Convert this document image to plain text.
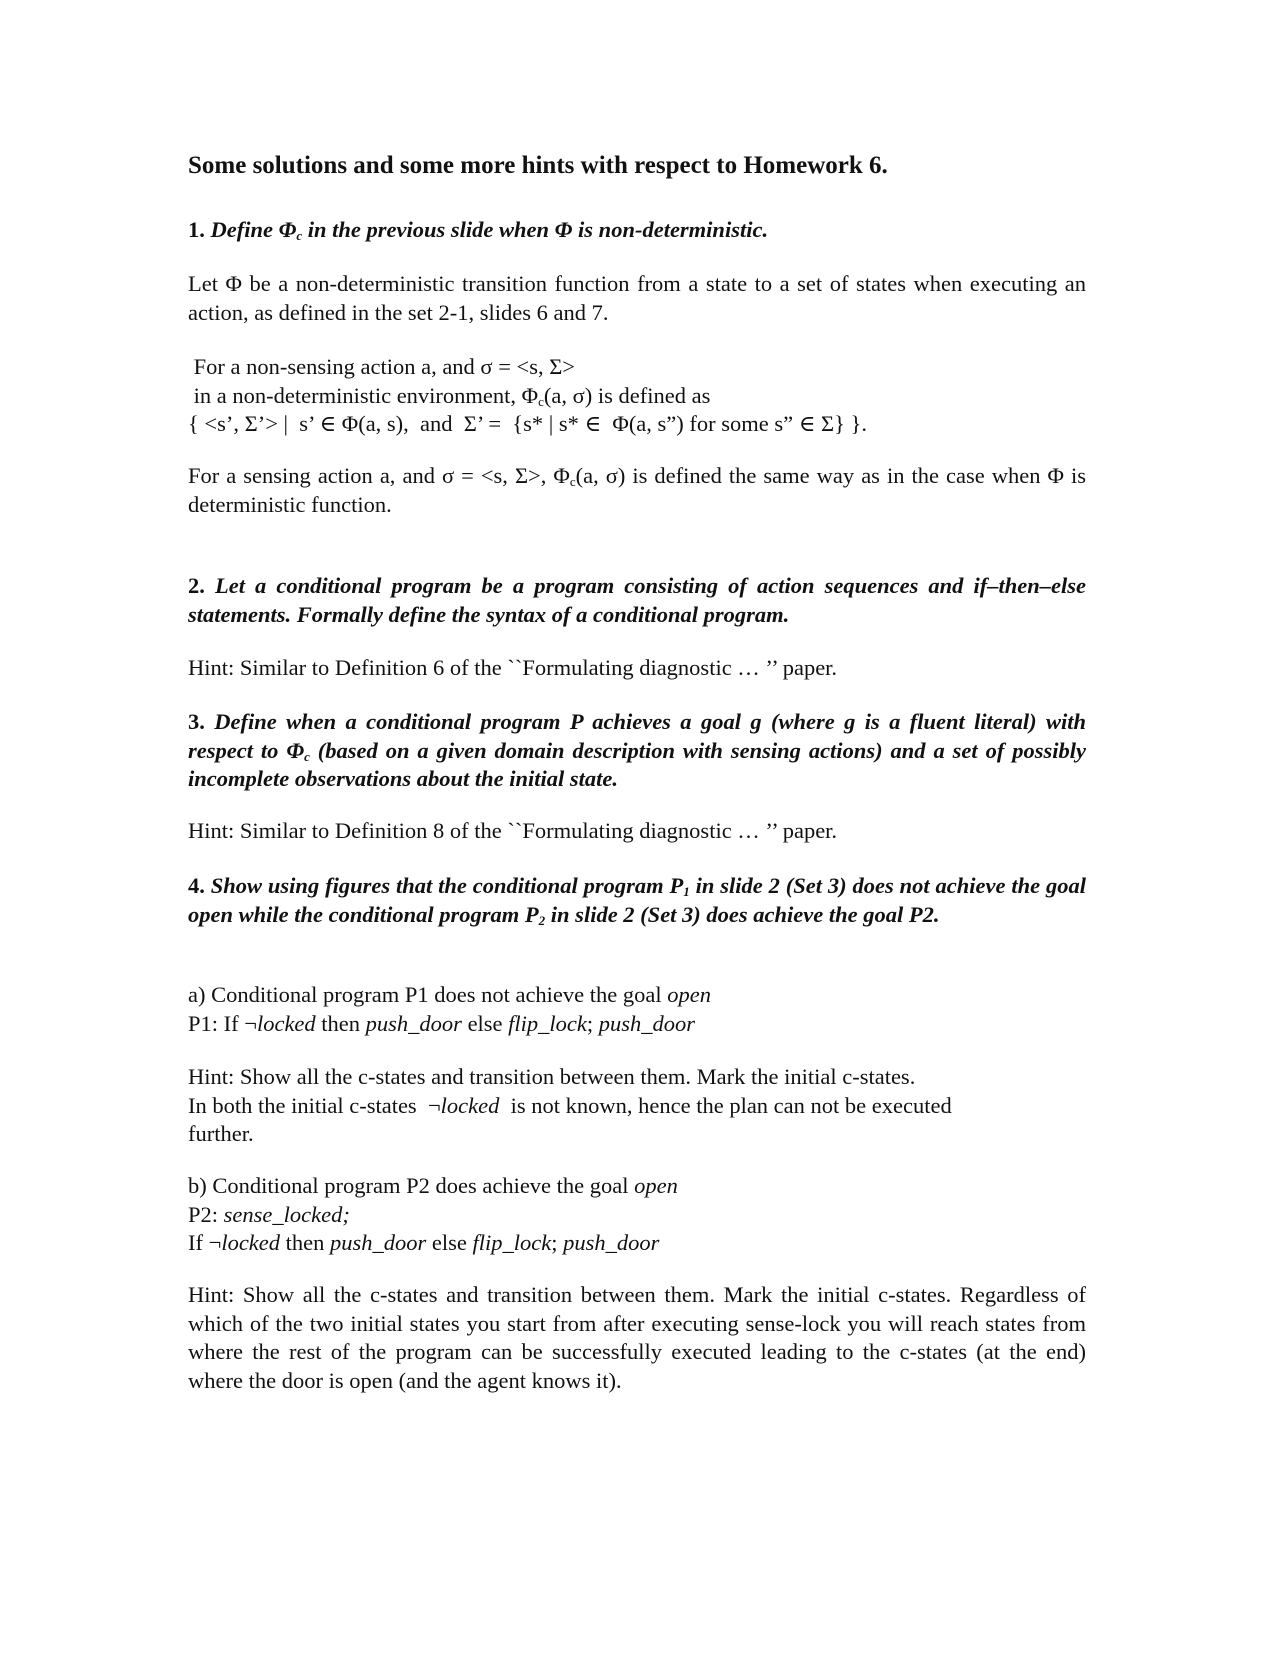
Some solutions and some more hints with respect to Homework 6.
1. Define $\Phi_c$ in the previous slide when Φ is non-deterministic.
Let Φ be a non-deterministic transition function from a state to a set of states when executing an action, as defined in the set 2-1, slides 6 and 7.
For a non-sensing action a, and σ = <s, Σ>
in a non-deterministic environment, $\Phi_c(a$, σ) is defined as
{ <s’, Σ’> |  s’ ∈ Φ(a, s),  and  Σ’ =  {s* | s* ∈  Φ(a, s”) for some s” ∈ Σ} }.
For a sensing action a, and σ = <s, Σ>, $\Phi_c(a$, σ) is defined the same way as in the case when Φ is deterministic function.
2. Let a conditional program be a program consisting of action sequences and if–then–else statements. Formally define the syntax of a conditional program.
Hint: Similar to Definition 6 of the ``Formulating diagnostic … ’’ paper.
3. Define when a conditional program P achieves a goal g (where g is a fluent literal) with respect to $\Phi_c$ (based on a given domain description with sensing actions) and a set of possibly incomplete observations about the initial state.
Hint: Similar to Definition 8 of the ``Formulating diagnostic … ’’ paper.
4. Show using figures that the conditional program $P_1$ in slide 2 (Set 3) does not achieve the goal open while the conditional program $P_2$ in slide 2 (Set 3) does achieve the goal P2.
a) Conditional program P1 does not achieve the goal open
P1: If ¬locked then push_door else flip_lock; push_door
Hint: Show all the c-states and transition between them. Mark the initial c-states.
In both the initial c-states  ¬locked  is not known, hence the plan can not be executed
further.
b) Conditional program P2 does achieve the goal open
P2: sense_locked;
If ¬locked then push_door else flip_lock; push_door
Hint: Show all the c-states and transition between them. Mark the initial c-states. Regardless of which of the two initial states you start from after executing sense-lock you will reach states from where the rest of the program can be successfully executed leading to the c-states (at the end) where the door is open (and the agent knows it).
